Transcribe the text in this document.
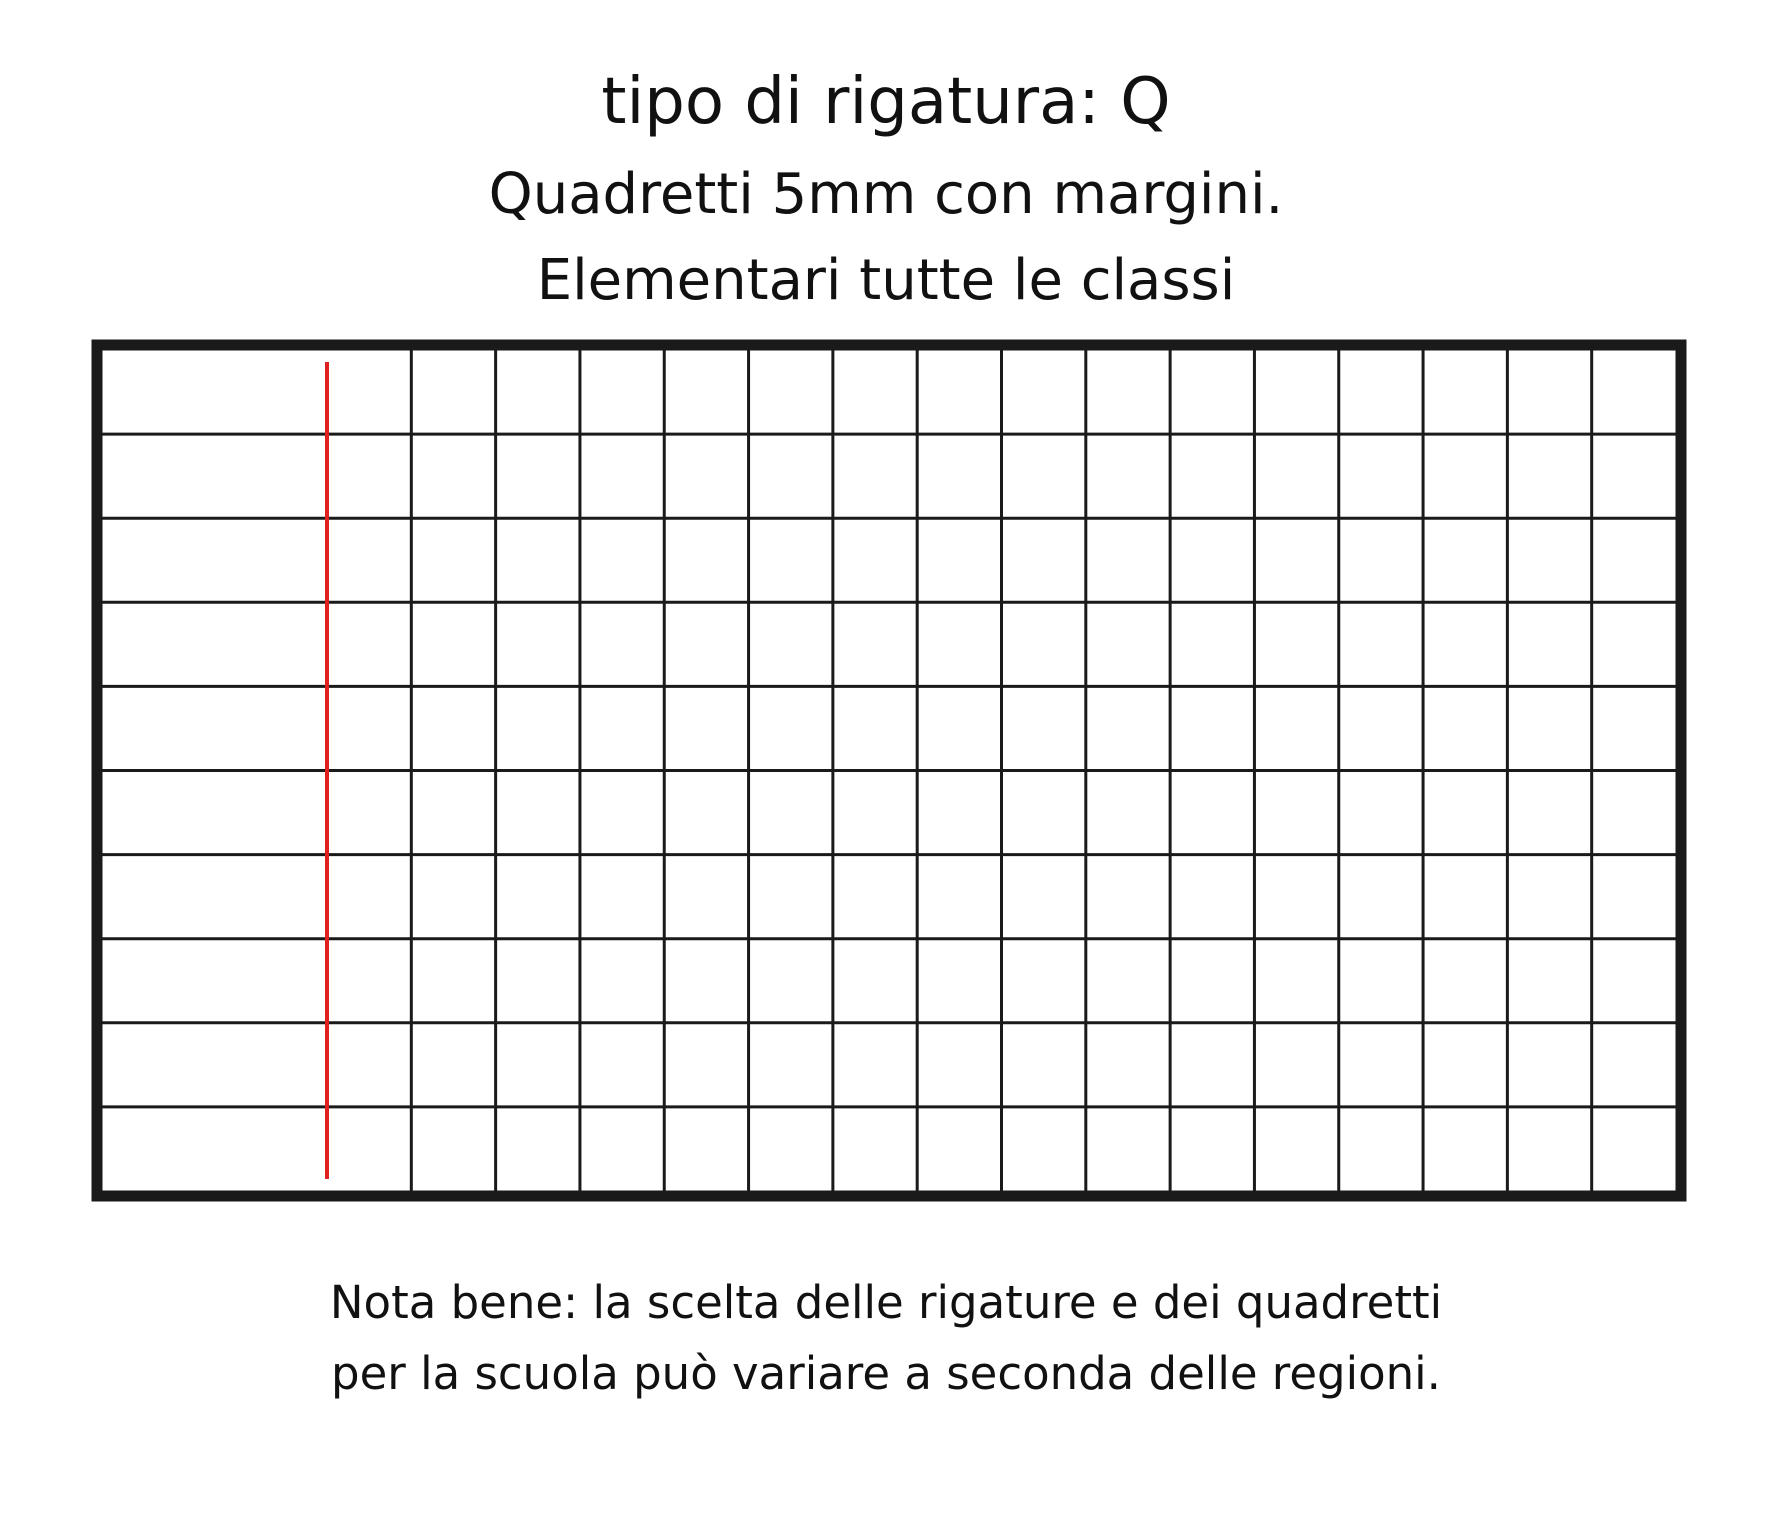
tipo di rigatura: Q
Quadretti 5mm con margini.
Elementari tutte le classi
Nota bene: la scelta delle rigature e dei quadretti
per la scuola può variare a seconda delle regioni.
